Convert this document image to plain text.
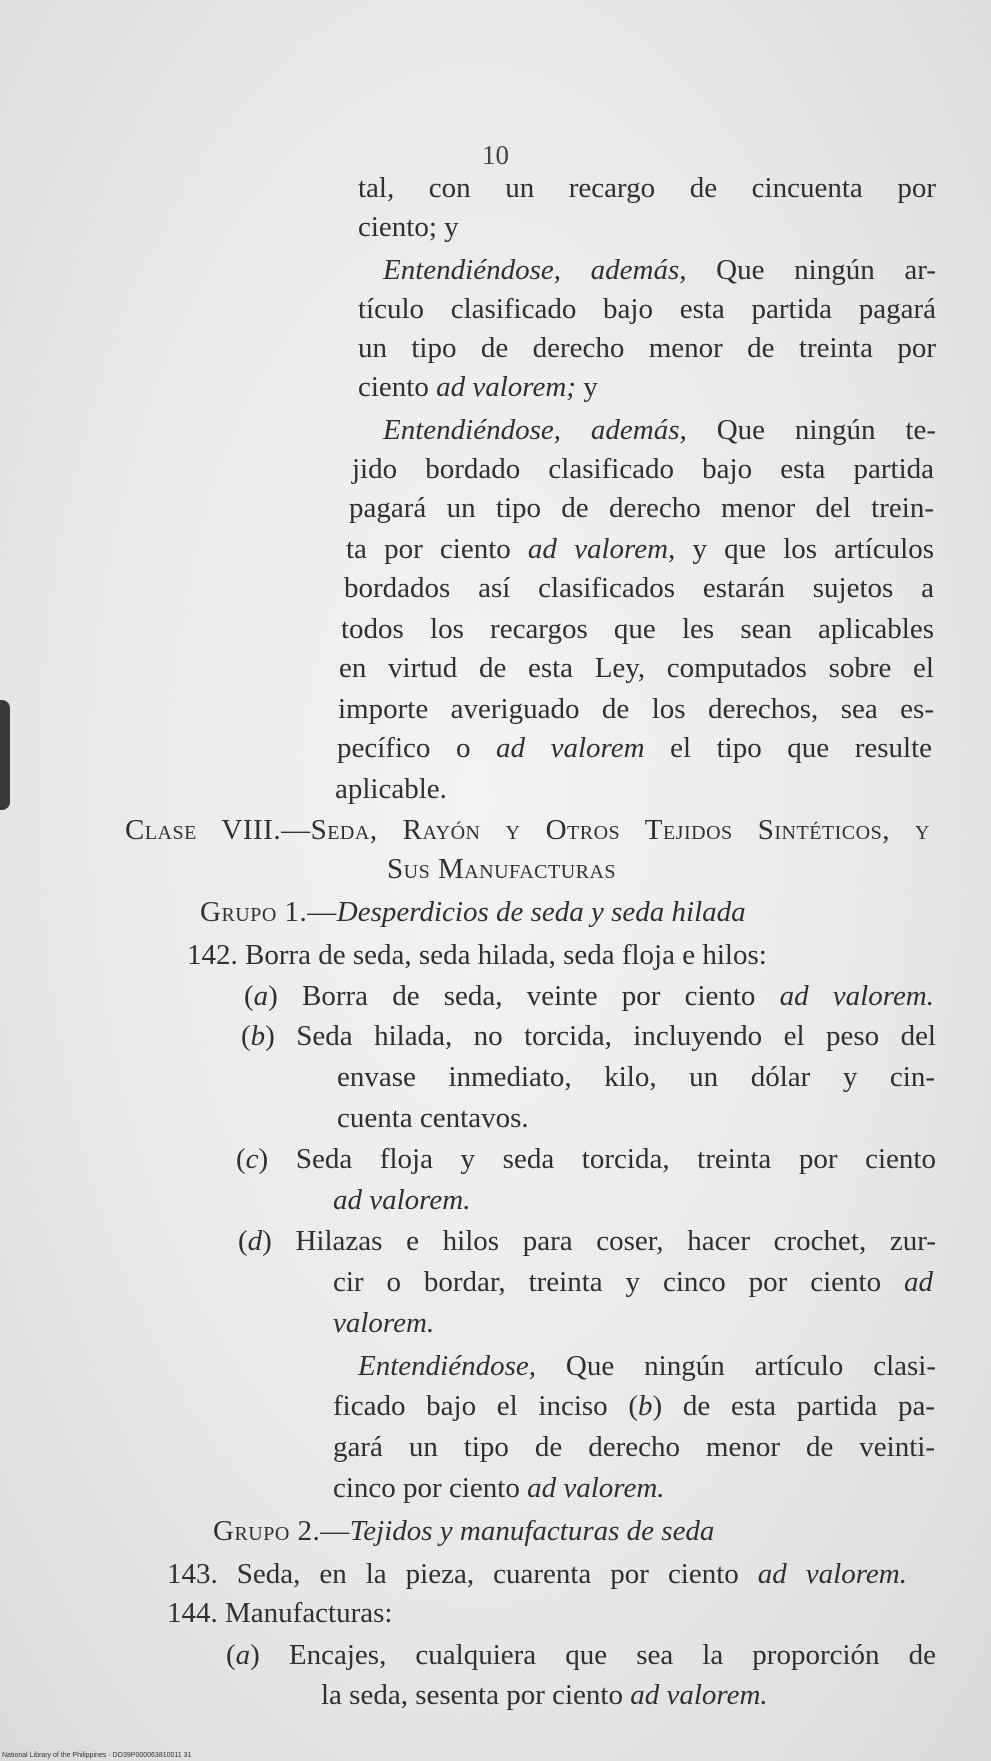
10
tal, con un recargo de cincuenta por
ciento; y
Entendiéndose, además, Que ningún ar-
tículo clasificado bajo esta partida pagará
un tipo de derecho menor de treinta por
ciento ad valorem; y
Entendiéndose, además, Que ningún te-
jido bordado clasificado bajo esta partida
pagará un tipo de derecho menor del trein-
ta por ciento ad valorem, y que los artículos
bordados así clasificados estarán sujetos a
todos los recargos que les sean aplicables
en virtud de esta Ley, computados sobre el
importe averiguado de los derechos, sea es-
pecífico o ad valorem el tipo que resulte
aplicable.
Clase VIII.—Seda, Rayón y Otros Tejidos Sintéticos, y
Sus Manufacturas
Grupo 1.—Desperdicios de seda y seda hilada
142. Borra de seda, seda hilada, seda floja e hilos:
(a) Borra de seda, veinte por ciento ad valorem.
(b) Seda hilada, no torcida, incluyendo el peso del
envase inmediato, kilo, un dólar y cin-
cuenta centavos.
(c) Seda floja y seda torcida, treinta por ciento
ad valorem.
(d) Hilazas e hilos para coser, hacer crochet, zur-
cir o bordar, treinta y cinco por ciento ad
valorem.
Entendiéndose, Que ningún artículo clasi-
ficado bajo el inciso (b) de esta partida pa-
gará un tipo de derecho menor de veinti-
cinco por ciento ad valorem.
Grupo 2.—Tejidos y manufacturas de seda
143. Seda, en la pieza, cuarenta por ciento ad valorem.
144. Manufacturas:
(a) Encajes, cualquiera que sea la proporción de
la seda, sesenta por ciento ad valorem.
National Library of the Philippines · DO39P000063810011 31
